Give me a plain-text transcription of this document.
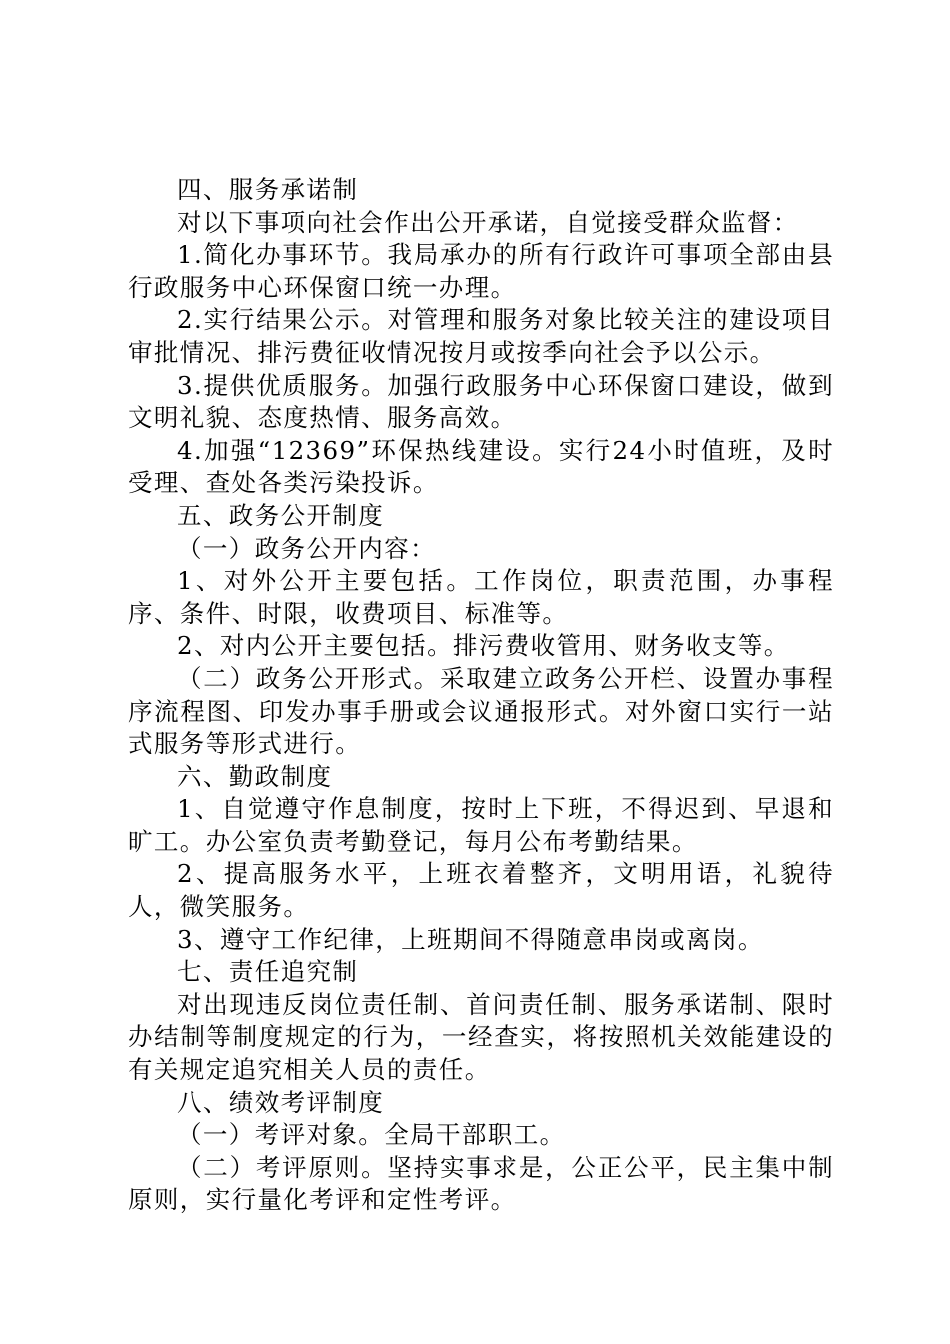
四、服务承诺制

对以下事项向社会作出公开承诺，自觉接受群众监督：

1.简化办事环节。我局承办的所有行政许可事项全部由县行政服务中心环保窗口统一办理。

2.实行结果公示。对管理和服务对象比较关注的建设项目审批情况、排污费征收情况按月或按季向社会予以公示。

3.提供优质服务。加强行政服务中心环保窗口建设，做到文明礼貌、态度热情、服务高效。

4.加强“12369”环保热线建设。实行24小时值班，及时受理、查处各类污染投诉。

五、政务公开制度

（一）政务公开内容：

1、对外公开主要包括。工作岗位，职责范围，办事程序、条件、时限，收费项目、标准等。

2、对内公开主要包括。排污费收管用、财务收支等。

（二）政务公开形式。采取建立政务公开栏、设置办事程序流程图、印发办事手册或会议通报形式。对外窗口实行一站式服务等形式进行。

六、勤政制度

1、自觉遵守作息制度，按时上下班，不得迟到、早退和旷工。办公室负责考勤登记，每月公布考勤结果。

2、提高服务水平，上班衣着整齐，文明用语，礼貌待人，微笑服务。

3、遵守工作纪律，上班期间不得随意串岗或离岗。

七、责任追究制

对出现违反岗位责任制、首问责任制、服务承诺制、限时办结制等制度规定的行为，一经查实，将按照机关效能建设的有关规定追究相关人员的责任。

八、绩效考评制度

（一）考评对象。全局干部职工。

（二）考评原则。坚持实事求是，公正公平，民主集中制原则，实行量化考评和定性考评。
